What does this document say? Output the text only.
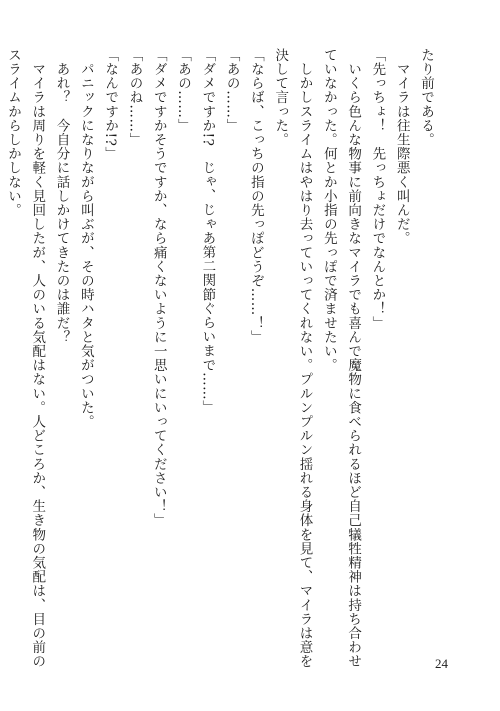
たり前である。
　マイラは往生際悪く叫んだ。
「先っちょ！　先っちょだけでなんとか！」
　いくら色んな物事に前向きなマイラでも喜んで魔物に食べられるほど自己犠牲精神は持ち合わせ
ていなかった。何とか小指の先っぽで済ませたい。
　しかしスライムはやはり去っていってくれない。プルンプルン揺れる身体を見て、マイラは意を
決して言った。
「ならば、こっちの指の先っぽどうぞ……！」
「あの……」
「ダメですか!?　じゃ、じゃあ第二関節ぐらいまで……」
「あの……」
「ダメですかそうですか、なら痛くないように一思いにいってください！」
「あのね……」
「なんですか!?」
　パニックになりながら叫ぶが、その時ハタと気がついた。
　あれ？　今自分に話しかけてきたのは誰だ？
　マイラは周りを軽く見回したが、人のいる気配はない。人どころか、生き物の気配は、目の前の
スライムからしかしない。
24
